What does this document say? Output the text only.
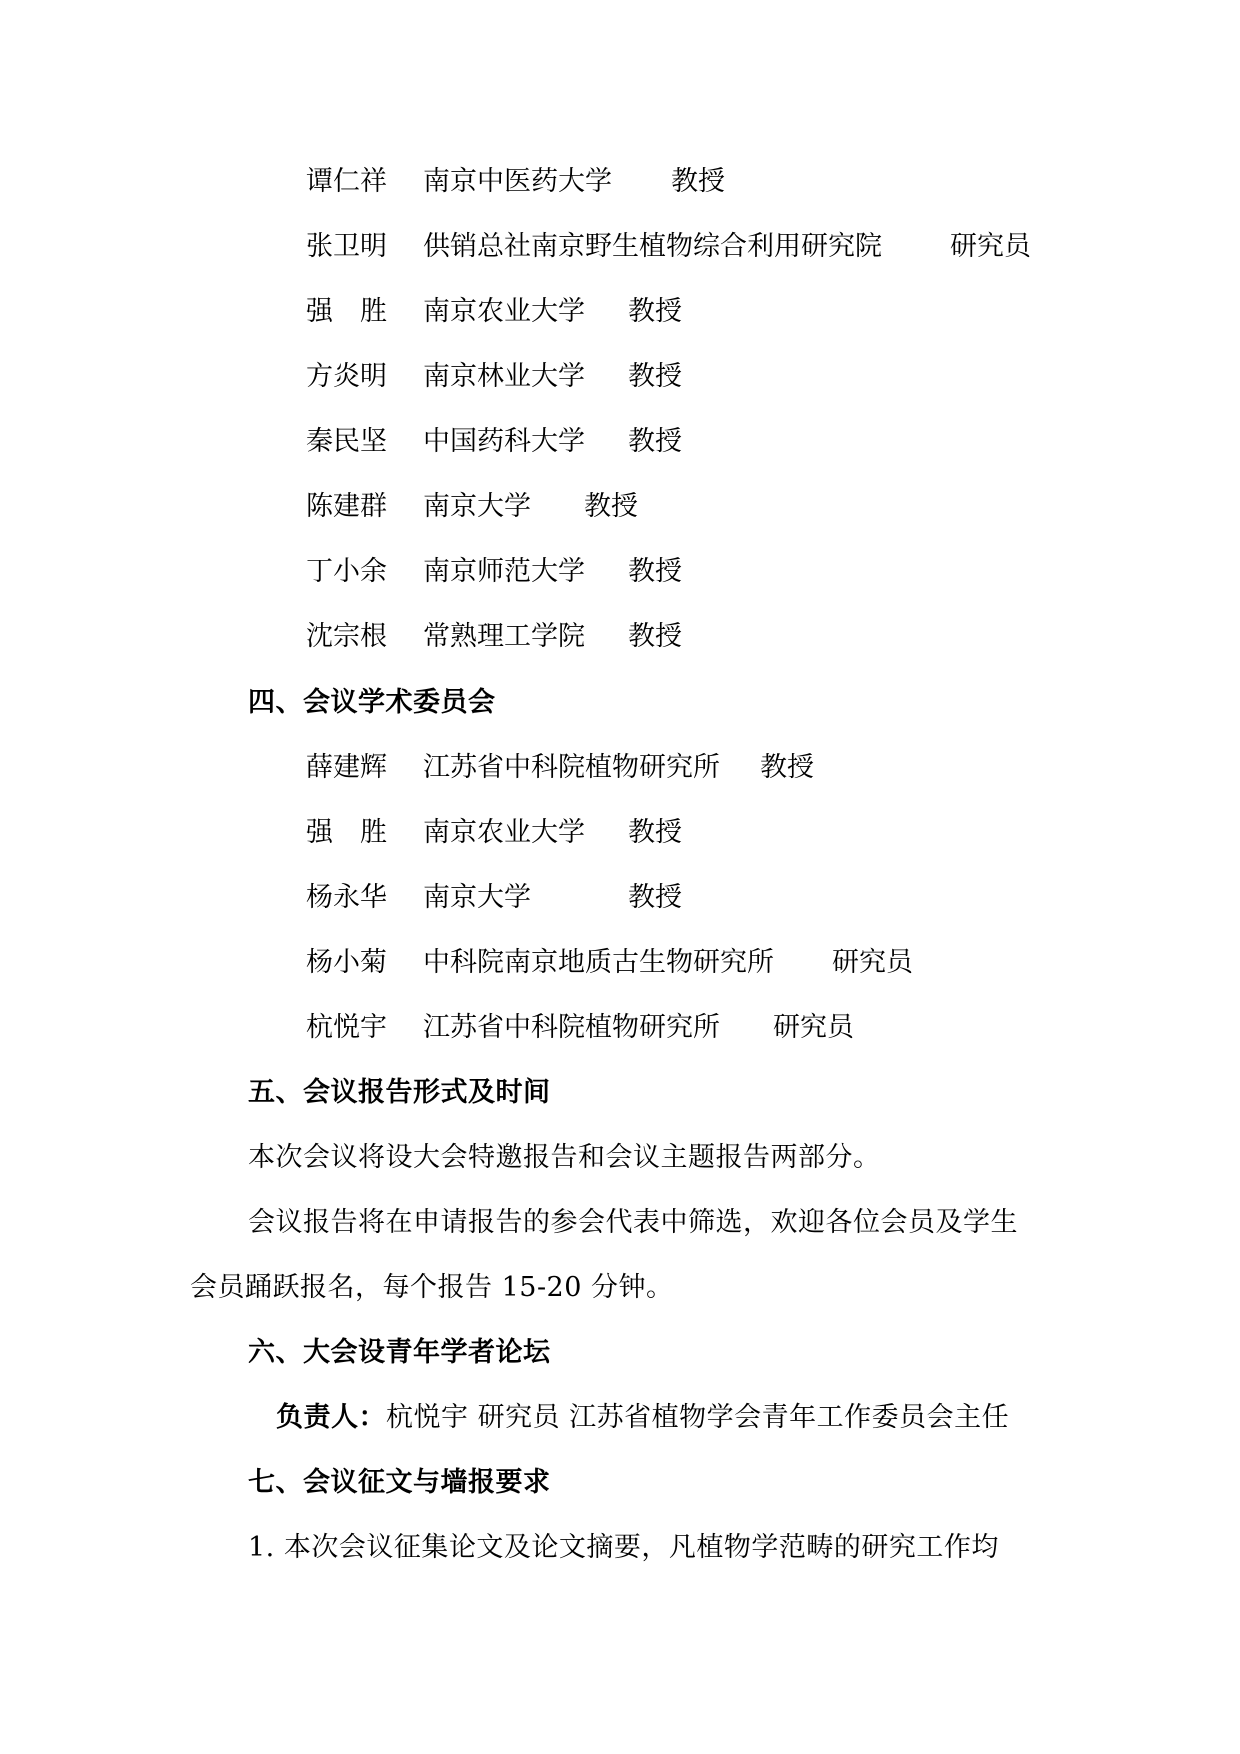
谭仁祥 南京中医药大学 教授
张卫明 供销总社南京野生植物综合利用研究院	研究员
强　胜 南京农业大学 教授
方炎明 南京林业大学 教授
秦民坚 中国药科大学 教授
陈建群 南京大学 教授
丁小余 南京师范大学 教授
沈宗根 常熟理工学院 教授
四、会议学术委员会
薛建辉 江苏省中科院植物研究所 教授
强　胜 南京农业大学 教授
杨永华 南京大学	教授
杨小菊 中科院南京地质古生物研究所 研究员
杭悦宇 江苏省中科院植物研究所 研究员
五、会议报告形式及时间
本次会议将设大会特邀报告和会议主题报告两部分。
会议报告将在申请报告的参会代表中筛选，欢迎各位会员及学生
会员踊跃报名，每个报告 15-20 分钟。
六、大会设青年学者论坛
负责人：杭悦宇 研究员 江苏省植物学会青年工作委员会主任
七、会议征文与墙报要求
1. 本次会议征集论文及论文摘要，凡植物学范畴的研究工作均
